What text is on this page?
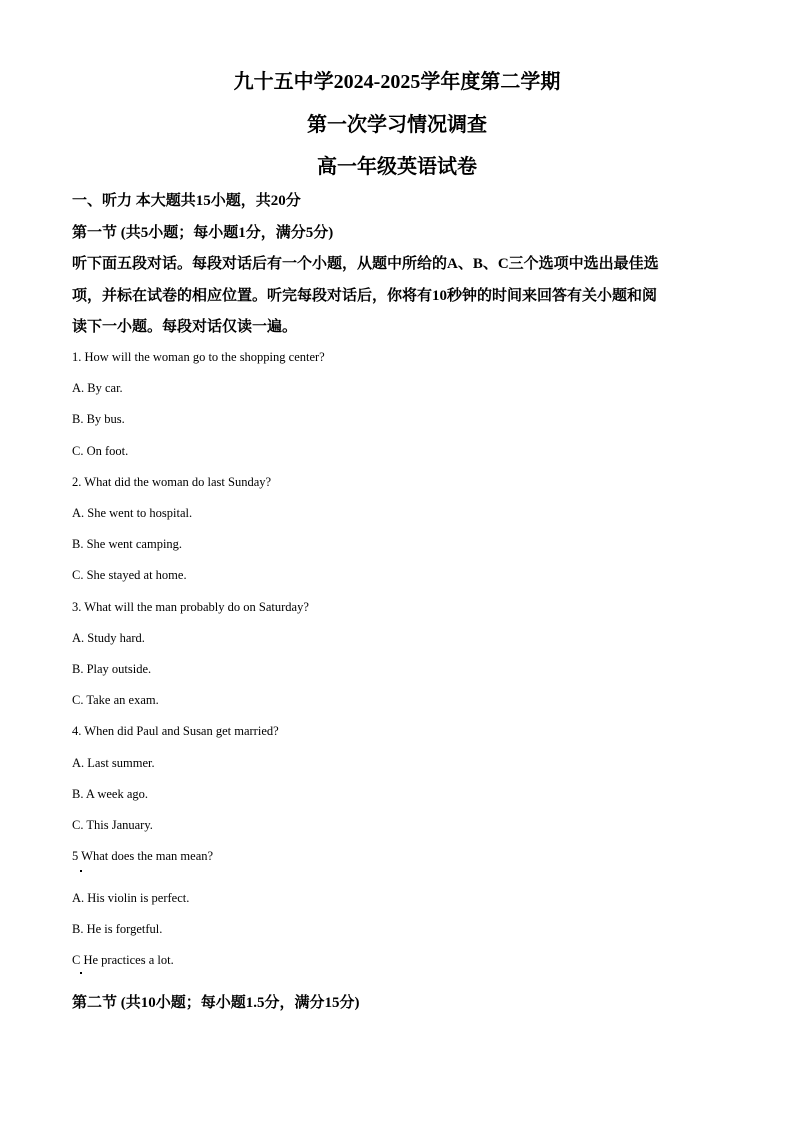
九十五中学2024-2025学年度第二学期
第一次学习情况调查
高一年级英语试卷

一、听力 本大题共15小题，共20分

第一节 (共5小题；每小题1分，满分5分)

听下面五段对话。每段对话后有一个小题，从题中所给的A、B、C三个选项中选出最佳选

项，并标在试卷的相应位置。听完每段对话后，你将有10秒钟的时间来回答有关小题和阅

读下一小题。每段对话仅读一遍。

1. How will the woman go to the shopping center?

A. By car.

B. By bus.

C. On foot.

2. What did the woman do last Sunday?

A. She went to hospital.

B. She went camping.

C. She stayed at home.

3. What will the man probably do on Saturday?

A. Study hard.

B. Play outside.

C. Take an exam.

4. When did Paul and Susan get married?

A. Last summer.

B. A week ago.

C. This January.

5 What does the man mean?

A. His violin is perfect.

B. He is forgetful.

C He practices a lot.

第二节 (共10小题；每小题1.5分，满分15分)
